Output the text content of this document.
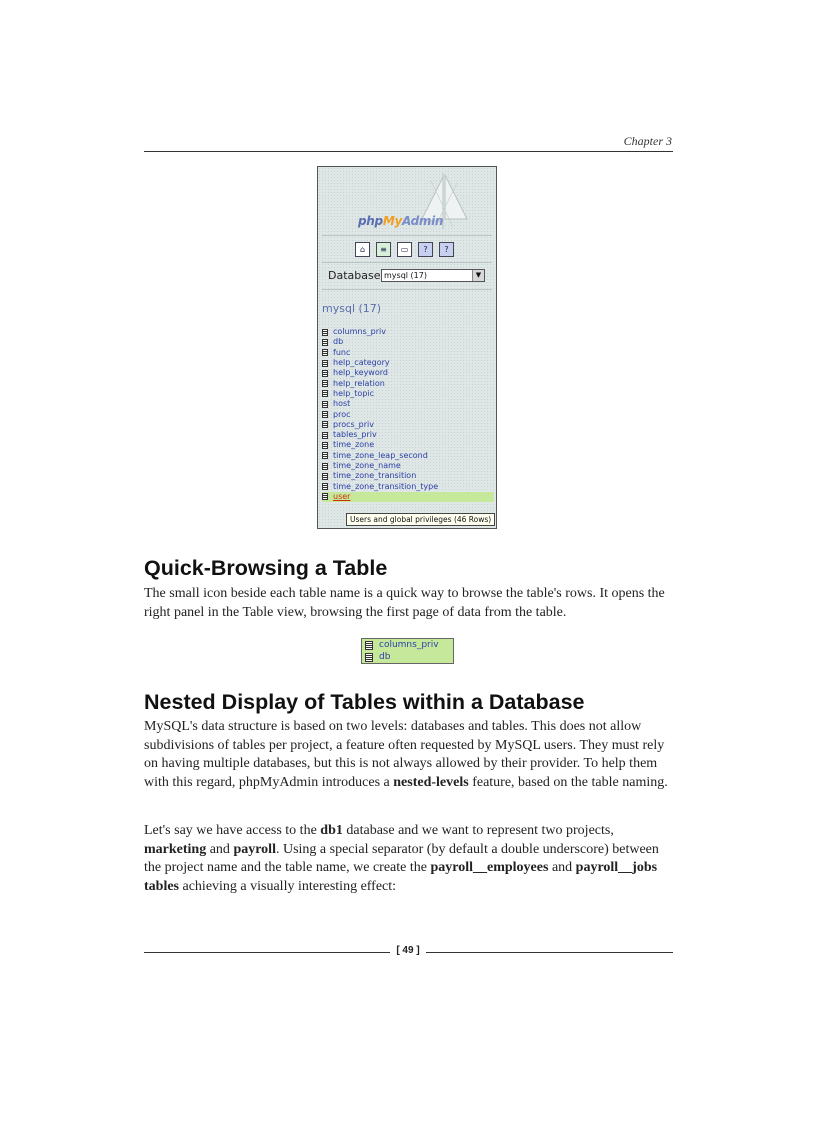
Chapter 3
phpMyAdmin
⌂	≡	▭	?	?
Database mysql (17)	▼
mysql (17)
columns_priv
db
func
help_category
help_keyword
help_relation
help_topic
host
proc
procs_priv
tables_priv
time_zone
time_zone_leap_second
time_zone_name
time_zone_transition
time_zone_transition_type
user
Users and global privileges (46 Rows)
Quick-Browsing a Table

The small icon beside each table name is a quick way to browse the table's rows. It opens the right panel in the Table view, browsing the first page of data from the table.

columns_priv
db
Nested Display of Tables within a Database

MySQL's data structure is based on two levels: databases and tables. This does not allow subdivisions of tables per project, a feature often requested by MySQL users. They must rely on having multiple databases, but this is not always allowed by their provider. To help them with this regard, phpMyAdmin introduces a nested-levels feature, based on the table naming.

Let's say we have access to the db1 database and we want to represent two projects, marketing and payroll. Using a special separator (by default a double underscore) between the project name and the table name, we create the payroll__employees and payroll__jobs tables achieving a visually interesting effect:

[ 49 ]
